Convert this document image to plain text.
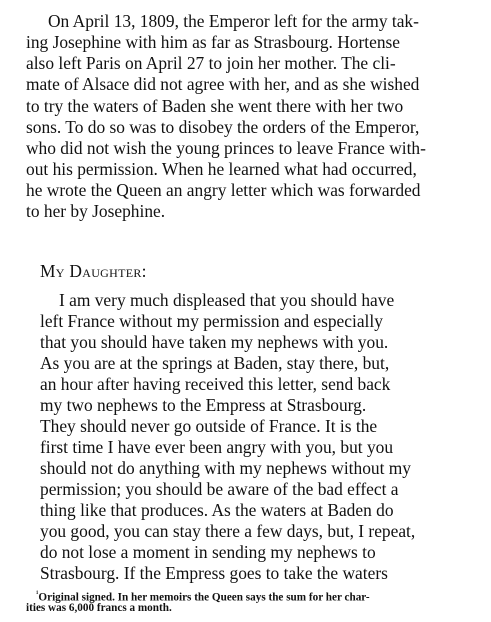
On April 13, 1809, the Emperor left for the army tak-
ing Josephine with him as far as Strasbourg. Hortense
also left Paris on April 27 to join her mother. The cli-
mate of Alsace did not agree with her, and as she wished
to try the waters of Baden she went there with her two
sons. To do so was to disobey the orders of the Emperor,
who did not wish the young princes to leave France with-
out his permission. When he learned what had occurred,
he wrote the Queen an angry letter which was forwarded
to her by Josephine.
My Daughter:
I am very much displeased that you should have
left France without my permission and especially
that you should have taken my nephews with you.
As you are at the springs at Baden, stay there, but,
an hour after having received this letter, send back
my two nephews to the Empress at Strasbourg.
They should never go outside of France. It is the
first time I have ever been angry with you, but you
should not do anything with my nephews without my
permission; you should be aware of the bad effect a
thing like that produces. As the waters at Baden do
you good, you can stay there a few days, but, I repeat,
do not lose a moment in sending my nephews to
Strasbourg. If the Empress goes to take the waters
$^{^1}$Original signed. In her memoirs the Queen says the sum for her char-
ities was 6,000 francs a month.
